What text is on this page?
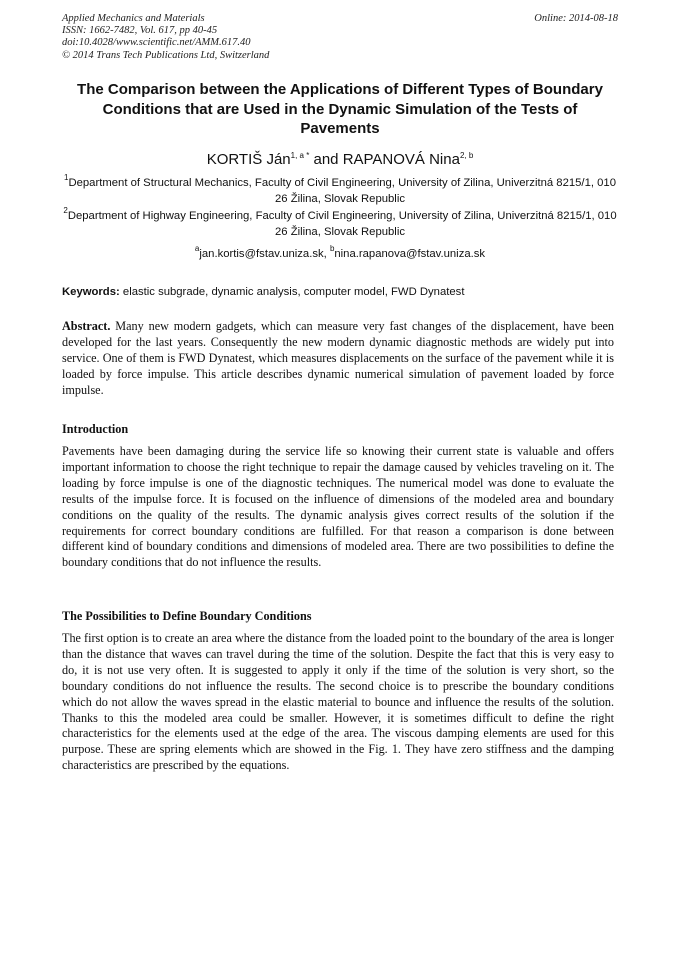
Applied Mechanics and Materials
ISSN: 1662-7482, Vol. 617, pp 40-45
doi:10.4028/www.scientific.net/AMM.617.40
© 2014 Trans Tech Publications Ltd, Switzerland
Online: 2014-08-18
The Comparison between the Applications of Different Types of Boundary Conditions that are Used in the Dynamic Simulation of the Tests of Pavements
KORTIŠ Ján$^{1, a *}$ and RAPANOVÁ Nina$^{2, b}$
$^1$Department of Structural Mechanics, Faculty of Civil Engineering, University of Zilina, Univerzitná 8215/1, 010 26 Žilina, Slovak Republic
$^2$Department of Highway Engineering, Faculty of Civil Engineering, University of Zilina, Univerzitná 8215/1, 010 26 Žilina, Slovak Republic
$^a$jan.kortis@fstav.uniza.sk, $^b$nina.rapanova@fstav.uniza.sk
Keywords: elastic subgrade, dynamic analysis, computer model, FWD Dynatest
Abstract. Many new modern gadgets, which can measure very fast changes of the displacement, have been developed for the last years. Consequently the new modern dynamic diagnostic methods are widely put into service. One of them is FWD Dynatest, which measures displacements on the surface of the pavement while it is loaded by force impulse. This article describes dynamic numerical simulation of pavement loaded by force impulse.
Introduction
Pavements have been damaging during the service life so knowing their current state is valuable and offers important information to choose the right technique to repair the damage caused by vehicles traveling on it. The loading by force impulse is one of the diagnostic techniques. The numerical model was done to evaluate the results of the impulse force. It is focused on the influence of dimensions of the modeled area and boundary conditions on the quality of the results. The dynamic analysis gives correct results of the solution if the requirements for correct boundary conditions are fulfilled. For that reason a comparison is done between different kind of boundary conditions and dimensions of modeled area. There are two possibilities to define the boundary conditions that do not influence the results.
The Possibilities to Define Boundary Conditions
The first option is to create an area where the distance from the loaded point to the boundary of the area is longer than the distance that waves can travel during the time of the solution. Despite the fact that this is very easy to do, it is not use very often. It is suggested to apply it only if the time of the solution is very short, so the boundary conditions do not influence the results. The second choice is to prescribe the boundary conditions which do not allow the waves spread in the elastic material to bounce and influence the results of the solution. Thanks to this the modeled area could be smaller. However, it is sometimes difficult to define the right characteristics for the elements used at the edge of the area. The viscous damping elements are used for this purpose. These are spring elements which are showed in the Fig. 1. They have zero stiffness and the damping characteristics are prescribed by the equations.
